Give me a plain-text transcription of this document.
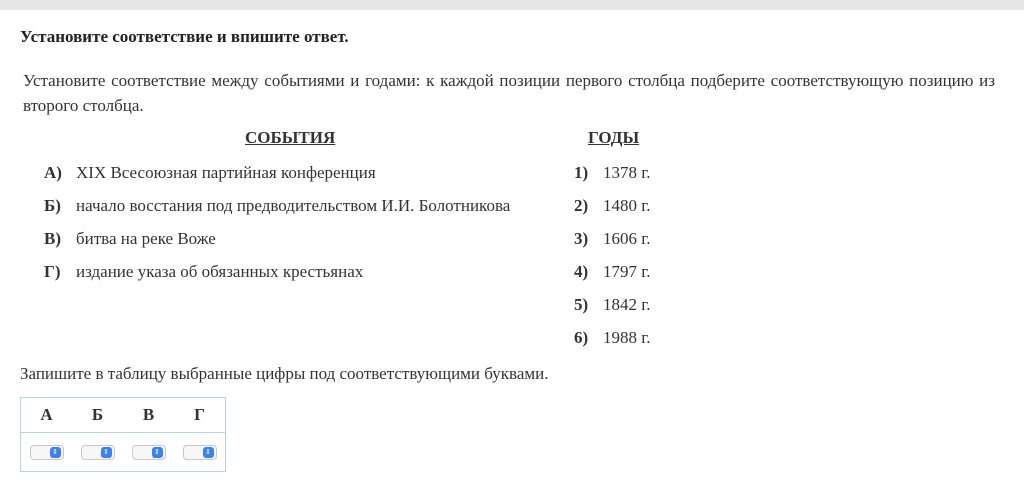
Установите соответствие и впишите ответ.

Установите соответствие между событиями и годами: к каждой позиции первого столбца подберите соответствующую позицию из второго столбца.

СОБЫТИЯ	ГОДЫ
А) XIX Всесоюзная партийная конференция
Б) начало восстания под предводительством И.И. Болотникова
В) битва на реке Воже
Г) издание указа об обязанных крестьянах
1) 1378 г.
2) 1480 г.
3) 1606 г.
4) 1797 г.
5) 1842 г.
6) 1988 г.

Запишите в таблицу выбранные цифры под соответствующими буквами.

А	Б	В	Г

⇕	⇕	⇕	⇕
